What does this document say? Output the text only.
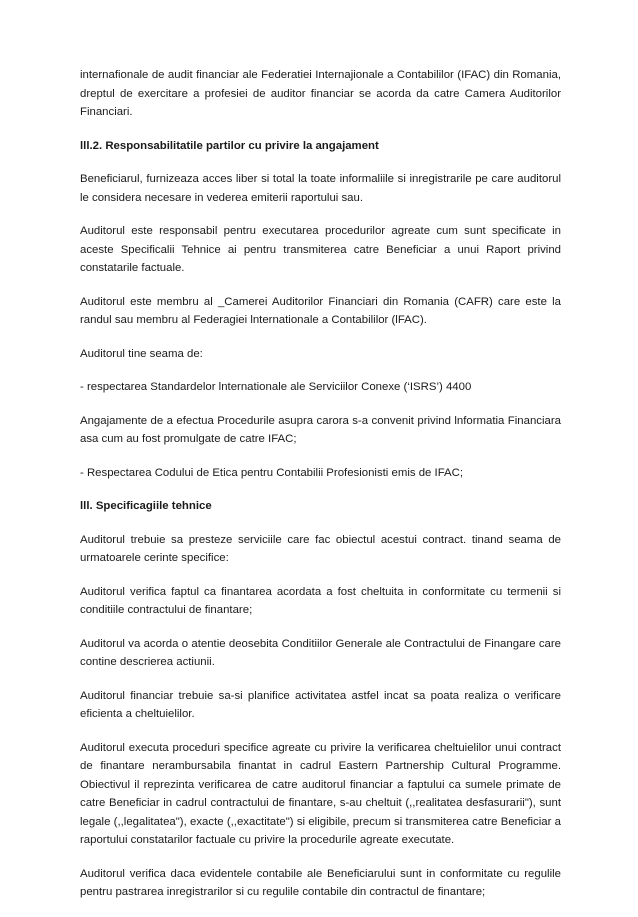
internafionale de audit financiar ale Federatiei Internajionale a Contabililor (IFAC) din Romania, dreptul de exercitare a profesiei de auditor financiar se acorda da catre Camera Auditorilor Financiari.

lll.2. Responsabilitatile partilor cu privire la angajament

Beneficiarul, furnizeaza acces liber si total la toate informaliile si inregistrarile pe care auditorul le considera necesare in vederea emiterii raportului sau.

Auditorul este responsabil pentru executarea procedurilor agreate cum sunt specificate in aceste Specificalii Tehnice ai pentru transmiterea catre Beneficiar a unui Raport privind constatarile factuale.

Auditorul este membru al _Camerei Auditorilor Financiari din Romania (CAFR) care este la randul sau membru al Federagiei lnternationale a Contabililor (lFAC).

Auditorul tine seama de:

- respectarea Standardelor lnternationale ale Serviciilor Conexe (‘ISRS’) 4400

Angajamente de a efectua Procedurile asupra carora s-a convenit privind lnformatia Financiara asa cum au fost promulgate de catre IFAC;

- Respectarea Codului de Etica pentru Contabilii Profesionisti emis de IFAC;

lll. Specificagiile tehnice

Auditorul trebuie sa presteze serviciile care fac obiectul acestui contract. tinand seama de urmatoarele cerinte specifice:

Auditorul verifica faptul ca finantarea acordata a fost cheltuita in conformitate cu termenii si conditiile contractului de finantare;

Auditorul va acorda o atentie deosebita Conditiilor Generale ale Contractului de Finangare care contine descrierea actiunii.

Auditorul financiar trebuie sa-si planifice activitatea astfel incat sa poata realiza o verificare eficienta a cheltuielilor.

Auditorul executa proceduri specifice agreate cu privire la verificarea cheltuielilor unui contract de finantare nerambursabila finantat in cadrul Eastern Partnership Cultural Programme. Obiectivul il reprezinta verificarea de catre auditorul financiar a faptului ca sumele primate de catre Beneficiar in cadrul contractului de finantare, s-au cheltuit (,,realitatea desfasurarii"), sunt legale (,,legalitatea"), exacte (,,exactitate") si eligibile, precum si transmiterea catre Beneficiar a raportului constatarilor factuale cu privire la procedurile agreate executate.

Auditorul verifica daca evidentele contabile ale Beneficiarului sunt in conformitate cu regulile pentru pastrarea inregistrarilor si cu regulile contabile din contractul de finantare;
